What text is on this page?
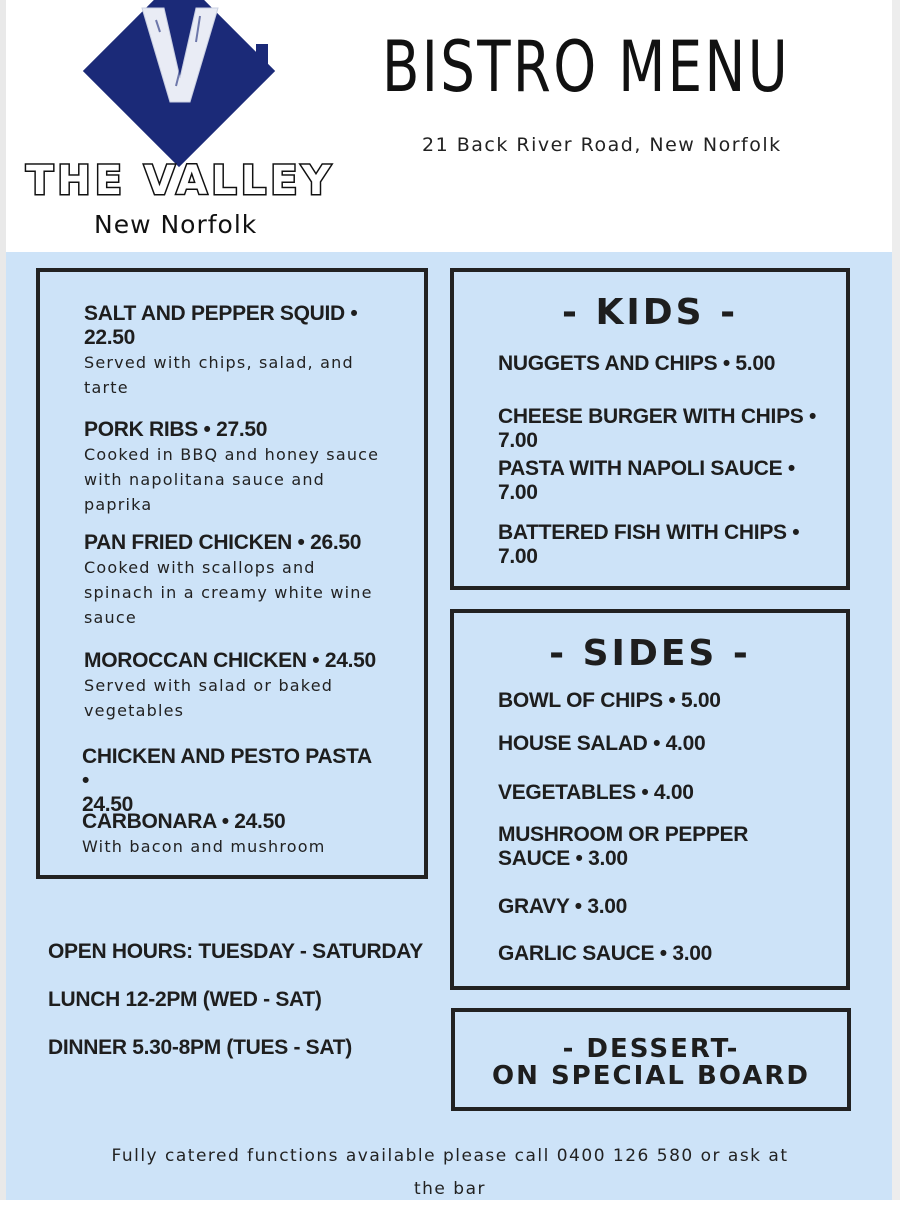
THE VALLEY
New Norfolk
BISTRO MENU
21 Back River Road, New Norfolk
SALT AND PEPPER SQUID •
22.50
Served with chips, salad, and
tarte
PORK RIBS • 27.50
Cooked in BBQ and honey sauce
with napolitana sauce and
paprika
PAN FRIED CHICKEN • 26.50
Cooked with scallops and
spinach in a creamy white wine
sauce
MOROCCAN CHICKEN • 24.50
Served with salad or baked
vegetables
CHICKEN AND PESTO PASTA •
24.50
CARBONARA • 24.50
With bacon and mushroom
- KIDS -
NUGGETS AND CHIPS • 5.00
CHEESE BURGER WITH CHIPS •
7.00
PASTA WITH NAPOLI SAUCE •
7.00
BATTERED FISH WITH CHIPS •
7.00
- SIDES -
BOWL OF CHIPS • 5.00
HOUSE SALAD • 4.00
VEGETABLES • 4.00
MUSHROOM OR PEPPER
SAUCE • 3.00
GRAVY • 3.00
GARLIC SAUCE • 3.00
OPEN HOURS: TUESDAY - SATURDAY
LUNCH 12-2PM (WED - SAT)
DINNER 5.30-8PM (TUES - SAT)	- DESSERT-
ON SPECIAL BOARD
Fully catered functions available please call 0400 126 580 or ask at
the bar
